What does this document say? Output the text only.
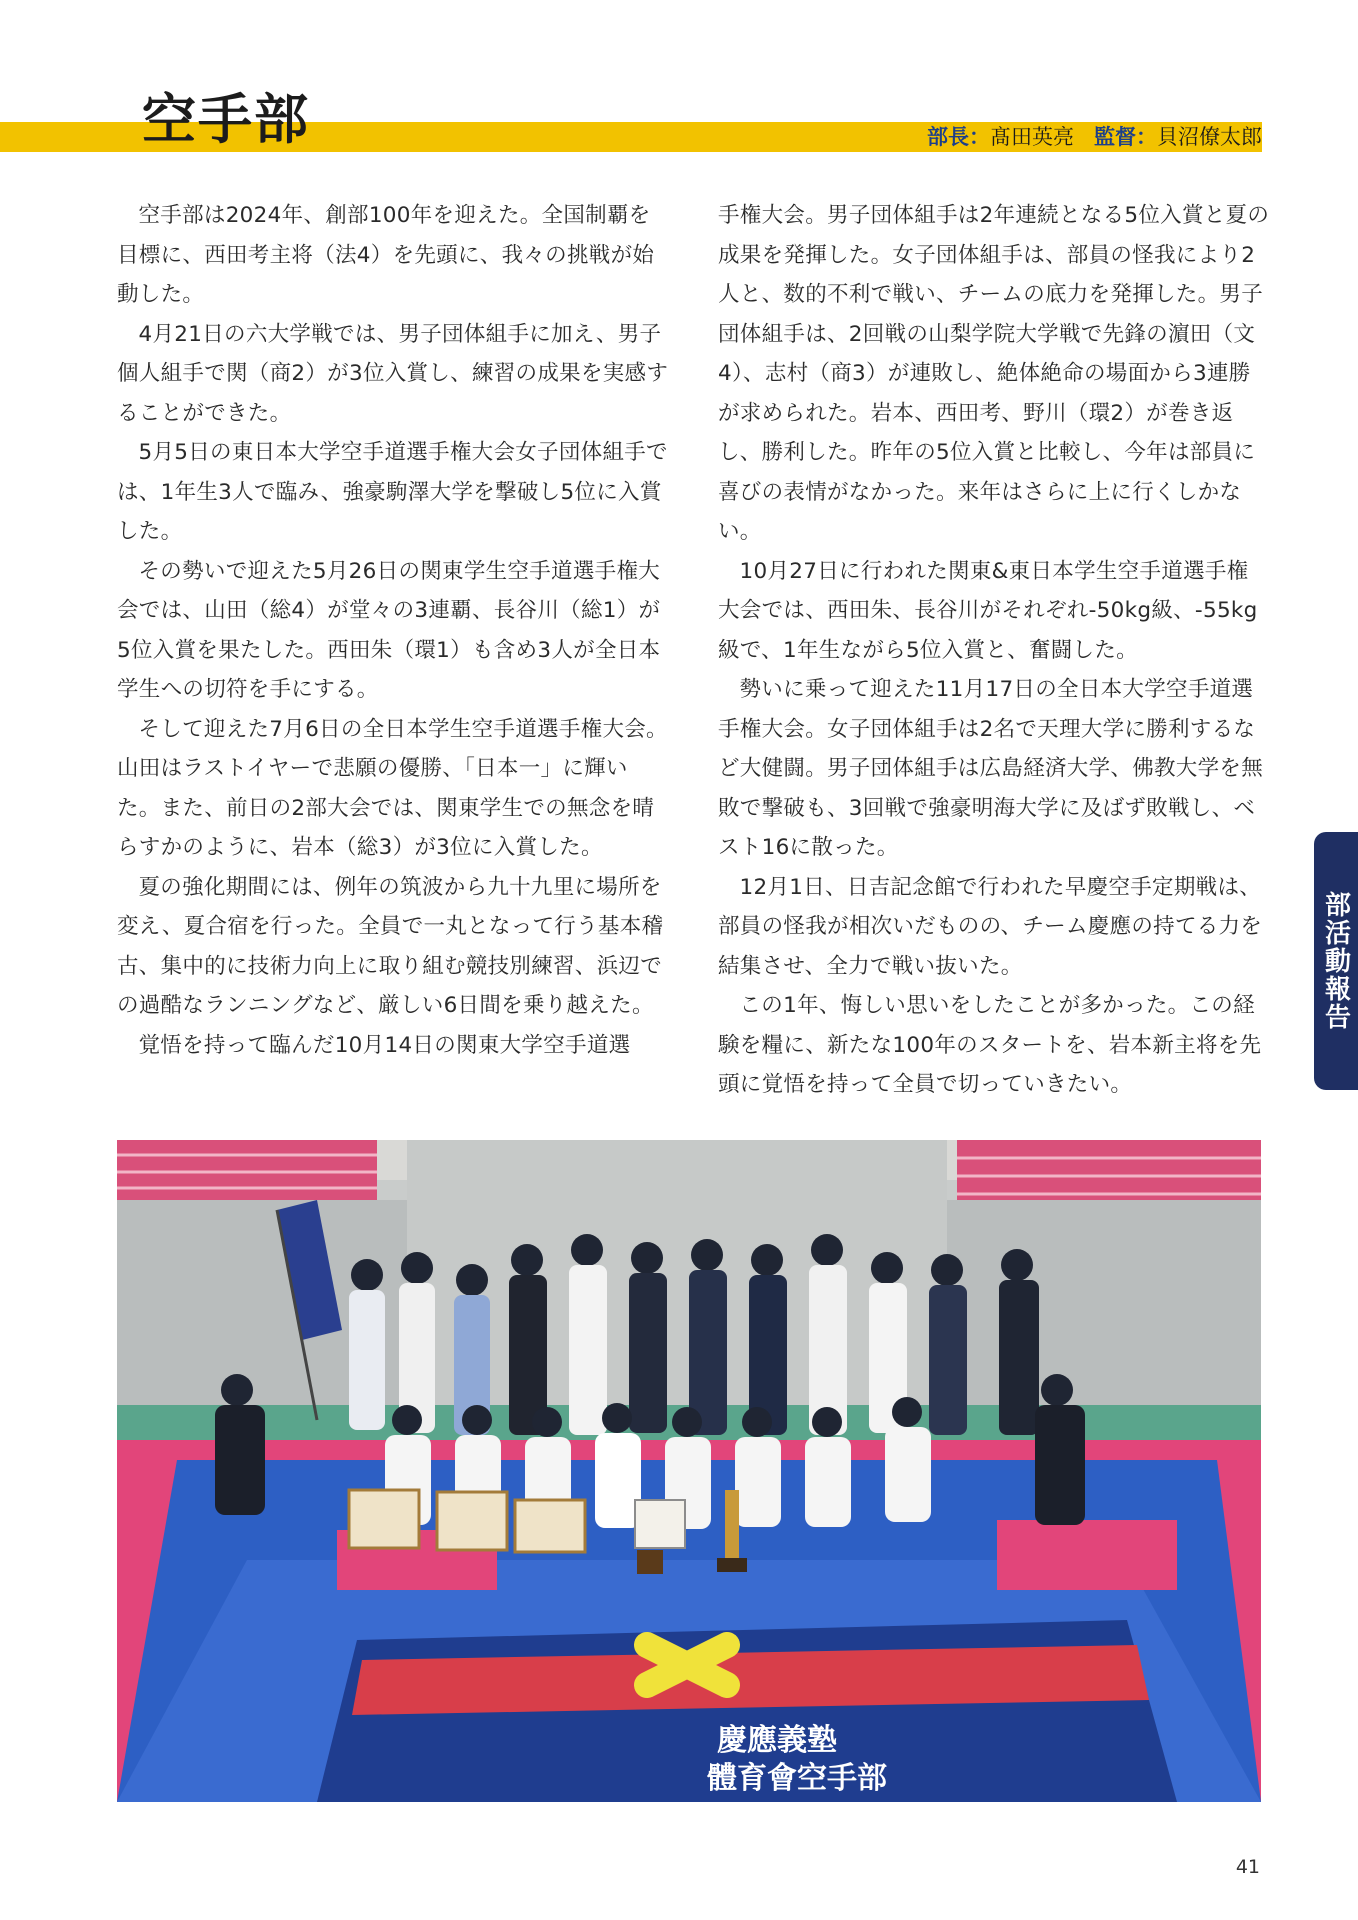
空手部	部長：髙田英亮 監督：貝沼僚太郎

空手部は2024年、創部100年を迎えた。全国制覇を目標に、西田考主将（法4）を先頭に、我々の挑戦が始動した。

4月21日の六大学戦では、男子団体組手に加え、男子個人組手で関（商2）が3位入賞し、練習の成果を実感することができた。

5月5日の東日本大学空手道選手権大会女子団体組手では、1年生3人で臨み、強豪駒澤大学を撃破し5位に入賞した。

その勢いで迎えた5月26日の関東学生空手道選手権大会では、山田（総4）が堂々の3連覇、長谷川（総1）が5位入賞を果たした。西田朱（環1）も含め3人が全日本学生への切符を手にする。

そして迎えた7月6日の全日本学生空手道選手権大会。山田はラストイヤーで悲願の優勝、「日本一」に輝いた。また、前日の2部大会では、関東学生での無念を晴らすかのように、岩本（総3）が3位に入賞した。

夏の強化期間には、例年の筑波から九十九里に場所を変え、夏合宿を行った。全員で一丸となって行う基本稽古、集中的に技術力向上に取り組む競技別練習、浜辺での過酷なランニングなど、厳しい6日間を乗り越えた。

覚悟を持って臨んだ10月14日の関東大学空手道選

手権大会。男子団体組手は2年連続となる5位入賞と夏の成果を発揮した。女子団体組手は、部員の怪我により2人と、数的不利で戦い、チームの底力を発揮した。男子団体組手は、2回戦の山梨学院大学戦で先鋒の濵田（文4）、志村（商3）が連敗し、絶体絶命の場面から3連勝が求められた。岩本、西田考、野川（環2）が巻き返し、勝利した。昨年の5位入賞と比較し、今年は部員に喜びの表情がなかった。来年はさらに上に行くしかない。

10月27日に行われた関東&東日本学生空手道選手権大会では、西田朱、長谷川がそれぞれ-50kg級、-55kg級で、1年生ながら5位入賞と、奮闘した。

勢いに乗って迎えた11月17日の全日本大学空手道選手権大会。女子団体組手は2名で天理大学に勝利するなど大健闘。男子団体組手は広島経済大学、佛教大学を無敗で撃破も、3回戦で強豪明海大学に及ばず敗戦し、ベスト16に散った。

12月1日、日吉記念館で行われた早慶空手定期戦は、部員の怪我が相次いだものの、チーム慶應の持てる力を結集させ、全力で戦い抜いた。

この1年、悔しい思いをしたことが多かった。この経験を糧に、新たな100年のスタートを、岩本新主将を先頭に覚悟を持って全員で切っていきたい。

部活動報告
慶應義塾
體育會空手部
41
